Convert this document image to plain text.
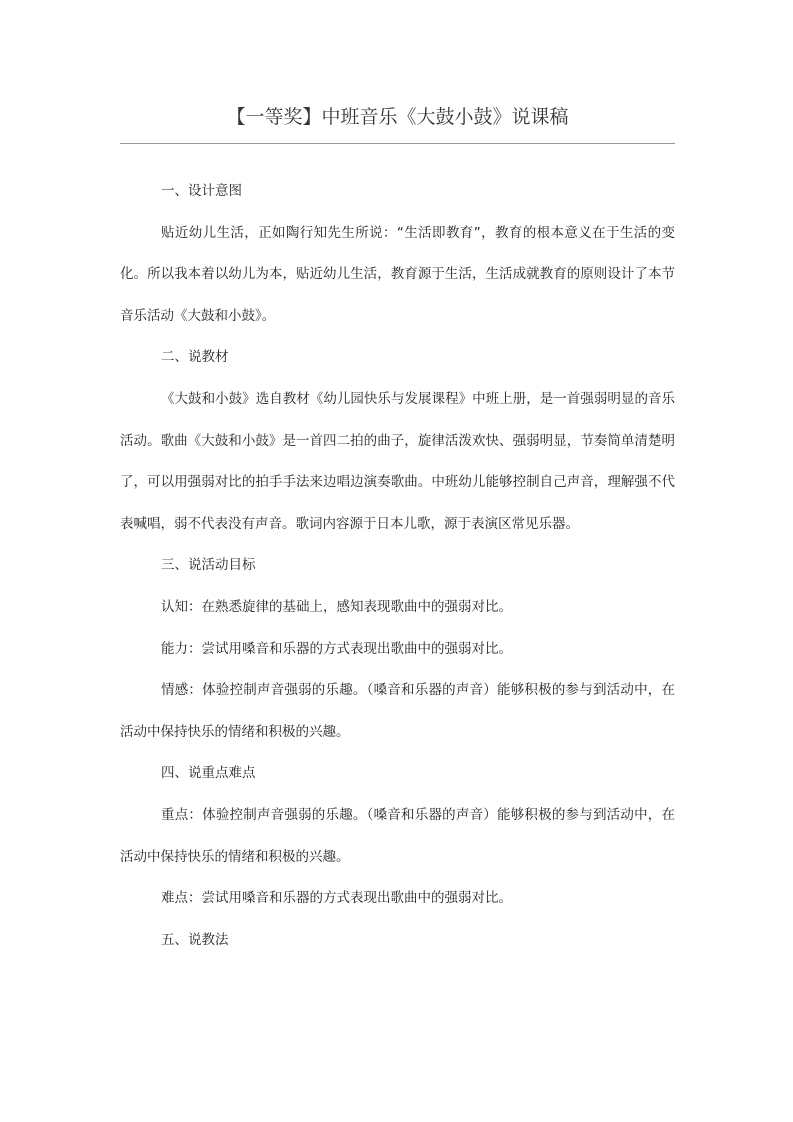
【一等奖】中班音乐《大鼓小鼓》说课稿

一、设计意图

贴近幼儿生活，正如陶行知先生所说：“生活即教育”，教育的根本意义在于生活的变化。所以我本着以幼儿为本，贴近幼儿生活，教育源于生活，生活成就教育的原则设计了本节音乐活动《大鼓和小鼓》。

二、说教材

《大鼓和小鼓》选自教材《幼儿园快乐与发展课程》中班上册，是一首强弱明显的音乐活动。歌曲《大鼓和小鼓》是一首四二拍的曲子，旋律活泼欢快、强弱明显，节奏简单清楚明了，可以用强弱对比的拍手手法来边唱边演奏歌曲。中班幼儿能够控制自己声音，理解强不代表喊唱，弱不代表没有声音。歌词内容源于日本儿歌，源于表演区常见乐器。

三、说活动目标

认知：在熟悉旋律的基础上，感知表现歌曲中的强弱对比。

能力：尝试用嗓音和乐器的方式表现出歌曲中的强弱对比。

情感：体验控制声音强弱的乐趣。（嗓音和乐器的声音）能够积极的参与到活动中，在活动中保持快乐的情绪和积极的兴趣。

四、说重点难点

重点：体验控制声音强弱的乐趣。（嗓音和乐器的声音）能够积极的参与到活动中，在活动中保持快乐的情绪和积极的兴趣。

难点：尝试用嗓音和乐器的方式表现出歌曲中的强弱对比。

五、说教法
